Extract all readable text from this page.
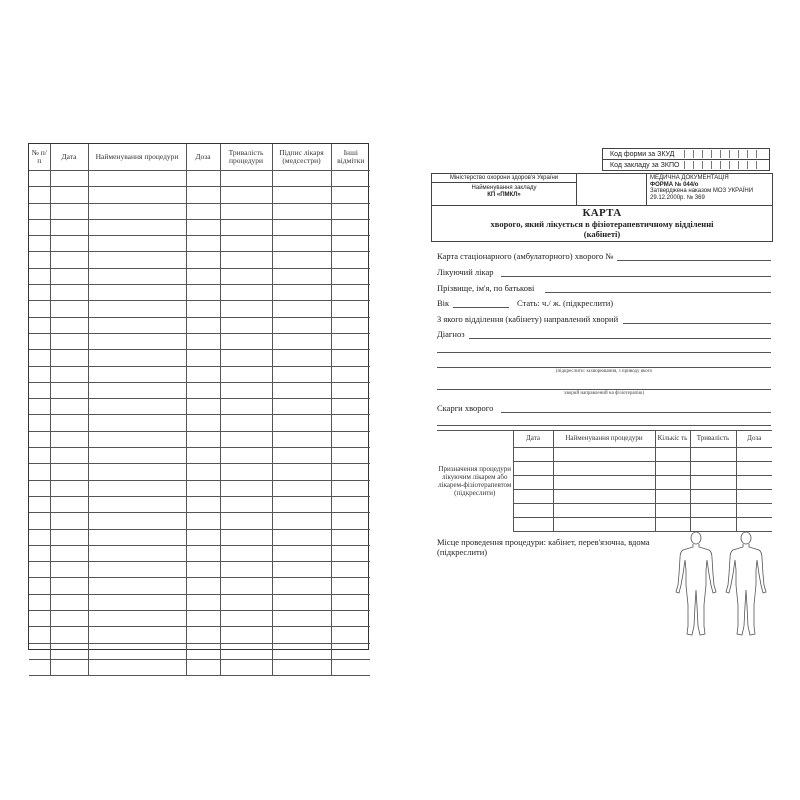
№ п/п	Дата	Найменування процедури	Доза	Тривалість процедури	Підпис лікаря (медсестри)	Інші відмітки

Код форми за ЗКУД
Код закладу за ЗКПО
Міністерство охорони здоров'я України
Найменування закладу
КП «ПМКЛ»
МЕДИЧНА ДОКУМЕНТАЦІЯ
ФОРМА № 044/о
Затверджена наказом МОЗ УКРАЇНИ
29.12.2000р. № 369
КАРТА
хворого, який лікується в фізіотерапевтичному відділенні
(кабінеті)
Карта стаціонарного (амбулаторного) хворого №
Лікуючий лікар
Прізвище, ім'я, по батькові
Вік	Стать: ч./ ж. (підкреслити)
З якого відділення (кабінету) направлений хворий
Діагноз
(підкреслити: захворювання, з приводу якого
хворий направлений на фізіотерапію)
Скарги хворого
Призначення процедури лікуючим лікарем або лікарем-фізіотерапевтом (підкреслити)	Дата	Найменування процедури	Кількіс ть	Тривалість	Доза

Місце проведення процедури: кабінет, перев'язочна, вдома (підкреслити)
